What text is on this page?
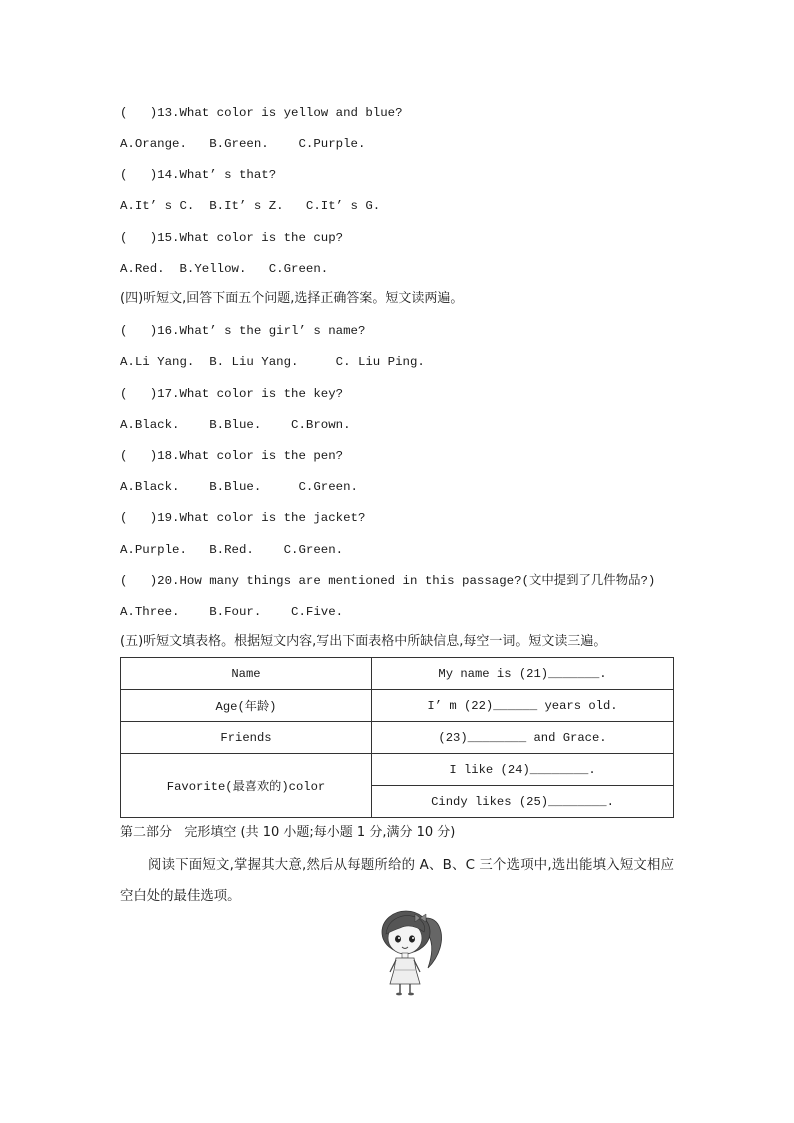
(   )13.What color is yellow and blue?
A.Orange.   B.Green.    C.Purple.
(   )14.What’ s that?
A.It’ s C.  B.It’ s Z.   C.It’ s G.
(   )15.What color is the cup?
A.Red.  B.Yellow.   C.Green.
(四)听短文,回答下面五个问题,选择正确答案。短文读两遍。
(   )16.What’ s the girl’ s name?
A.Li Yang.  B. Liu Yang.     C. Liu Ping.
(   )17.What color is the key?
A.Black.    B.Blue.    C.Brown.
(   )18.What color is the pen?
A.Black.    B.Blue.     C.Green.
(   )19.What color is the jacket?
A.Purple.   B.Red.    C.Green.
(   )20.How many things are mentioned in this passage?(文中提到了几件物品?)
A.Three.    B.Four.    C.Five.
(五)听短文填表格。根据短文内容,写出下面表格中所缺信息,每空一词。短文读三遍。
Name	My name is (21)_______.
Age(年龄)	I’ m (22)______ years old.
Friends	(23)________ and Grace.
Favorite(最喜欢的)color	I like (24)________.
	Cindy likes (25)________.
第二部分   完形填空 (共 10 小题;每小题 1 分,满分 10 分)
阅读下面短文,掌握其大意,然后从每题所给的 A、B、C 三个选项中,选出能填入短文相应空白处的最佳选项。
